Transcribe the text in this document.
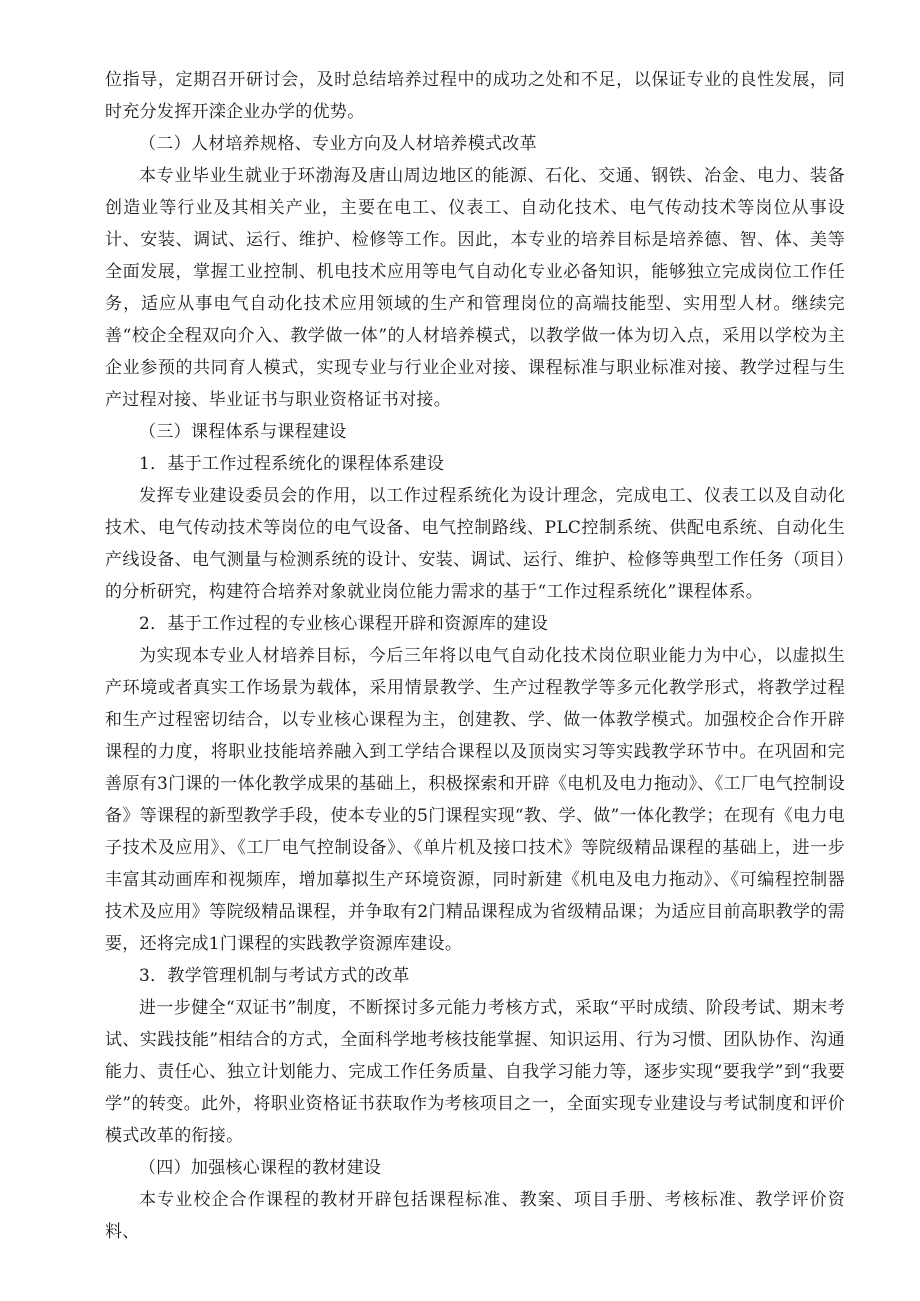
位指导，定期召开研讨会，及时总结培养过程中的成功之处和不足，以保证专业的良性发展，同时充分发挥开滦企业办学的优势。

（二）人材培养规格、专业方向及人材培养模式改革

本专业毕业生就业于环渤海及唐山周边地区的能源、石化、交通、钢铁、冶金、电力、装备创造业等行业及其相关产业，主要在电工、仪表工、自动化技术、电气传动技术等岗位从事设计、安装、调试、运行、维护、检修等工作。因此，本专业的培养目标是培养德、智、体、美等全面发展，掌握工业控制、机电技术应用等电气自动化专业必备知识，能够独立完成岗位工作任务，适应从事电气自动化技术应用领域的生产和管理岗位的高端技能型、实用型人材。继续完善“校企全程双向介入、教学做一体”的人材培养模式，以教学做一体为切入点，采用以学校为主企业参预的共同育人模式，实现专业与行业企业对接、课程标准与职业标准对接、教学过程与生产过程对接、毕业证书与职业资格证书对接。

（三）课程体系与课程建设

1．基于工作过程系统化的课程体系建设

发挥专业建设委员会的作用，以工作过程系统化为设计理念，完成电工、仪表工以及自动化技术、电气传动技术等岗位的电气设备、电气控制路线、PLC控制系统、供配电系统、自动化生产线设备、电气测量与检测系统的设计、安装、调试、运行、维护、检修等典型工作任务（项目）的分析研究，构建符合培养对象就业岗位能力需求的基于“工作过程系统化”课程体系。

2．基于工作过程的专业核心课程开辟和资源库的建设

为实现本专业人材培养目标，今后三年将以电气自动化技术岗位职业能力为中心，以虚拟生产环境或者真实工作场景为载体，采用情景教学、生产过程教学等多元化教学形式，将教学过程和生产过程密切结合，以专业核心课程为主，创建教、学、做一体教学模式。加强校企合作开辟课程的力度，将职业技能培养融入到工学结合课程以及顶岗实习等实践教学环节中。在巩固和完善原有3门课的一体化教学成果的基础上，积极探索和开辟《电机及电力拖动》、《工厂电气控制设备》等课程的新型教学手段，使本专业的5门课程实现“教、学、做”一体化教学；在现有《电力电子技术及应用》、《工厂电气控制设备》、《单片机及接口技术》等院级精品课程的基础上，进一步丰富其动画库和视频库，增加摹拟生产环境资源，同时新建《机电及电力拖动》、《可编程控制器技术及应用》等院级精品课程，并争取有2门精品课程成为省级精品课；为适应目前高职教学的需要，还将完成1门课程的实践教学资源库建设。

3．教学管理机制与考试方式的改革

进一步健全“双证书”制度，不断探讨多元能力考核方式，采取“平时成绩、阶段考试、期末考试、实践技能”相结合的方式，全面科学地考核技能掌握、知识运用、行为习惯、团队协作、沟通能力、责任心、独立计划能力、完成工作任务质量、自我学习能力等，逐步实现“要我学”到“我要学”的转变。此外，将职业资格证书获取作为考核项目之一，全面实现专业建设与考试制度和评价模式改革的衔接。

（四）加强核心课程的教材建设

本专业校企合作课程的教材开辟包括课程标准、教案、项目手册、考核标准、教学评价资料、
